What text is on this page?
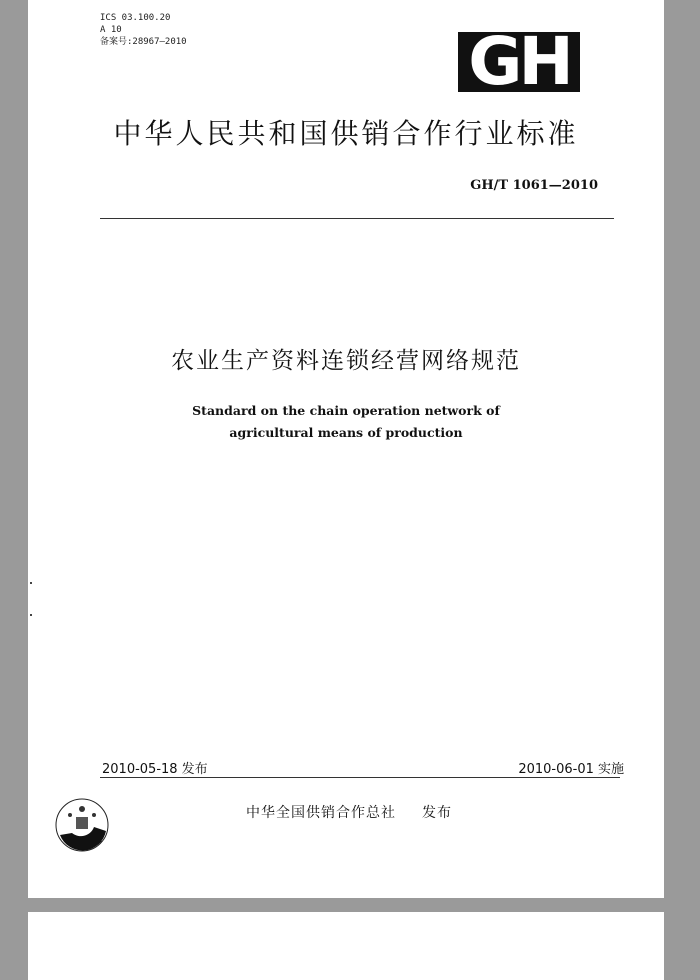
ICS 03.100.20
A 10
备案号:28967—2010	GH
中华人民共和国供销合作行业标准
GH/T 1061—2010
农业生产资料连锁经营网络规范
Standard on the chain operation network of
agricultural means of production
2010-05-18 发布	2010-06-01 实施
中华全国供销合作总社 发布
